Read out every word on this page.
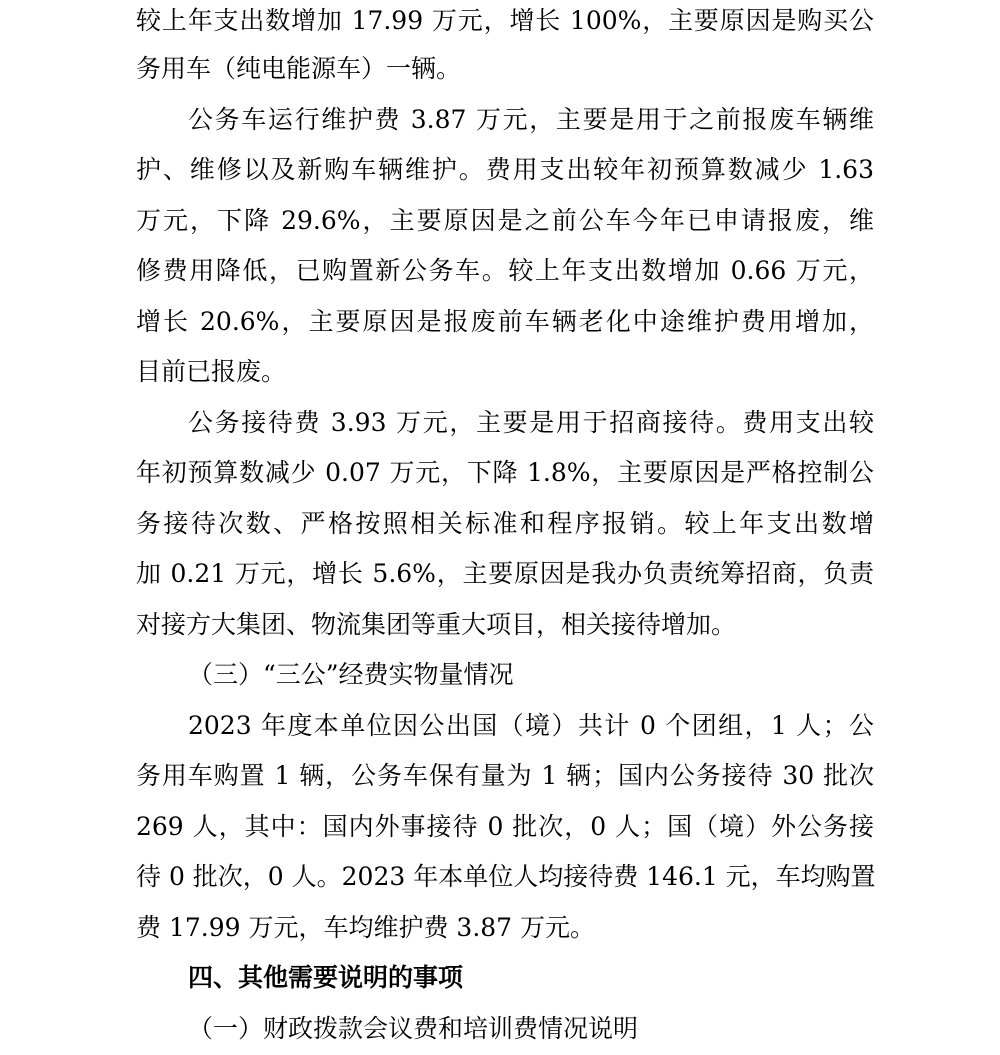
较上年支出数增加 17.99 万元，增长 100%，主要原因是购买公
务用车（纯电能源车）一辆。
公务车运行维护费 3.87 万元，主要是用于之前报废车辆维
护、维修以及新购车辆维护。费用支出较年初预算数减少 1.63
万元，下降 29.6%，主要原因是之前公车今年已申请报废，维
修费用降低，已购置新公务车。较上年支出数增加 0.66 万元，
增长 20.6%，主要原因是报废前车辆老化中途维护费用增加，
目前已报废。
公务接待费 3.93 万元，主要是用于招商接待。费用支出较
年初预算数减少 0.07 万元，下降 1.8%，主要原因是严格控制公
务接待次数、严格按照相关标准和程序报销。较上年支出数增
加 0.21 万元，增长 5.6%，主要原因是我办负责统筹招商，负责
对接方大集团、物流集团等重大项目，相关接待增加。
（三）“三公”经费实物量情况
2023 年度本单位因公出国（境）共计 0 个团组，1 人；公
务用车购置 1 辆，公务车保有量为 1 辆；国内公务接待 30 批次
269 人，其中：国内外事接待 0 批次，0 人；国（境）外公务接
待 0 批次，0 人。2023 年本单位人均接待费 146.1 元，车均购置
费 17.99 万元，车均维护费 3.87 万元。
四、其他需要说明的事项
（一）财政拨款会议费和培训费情况说明
